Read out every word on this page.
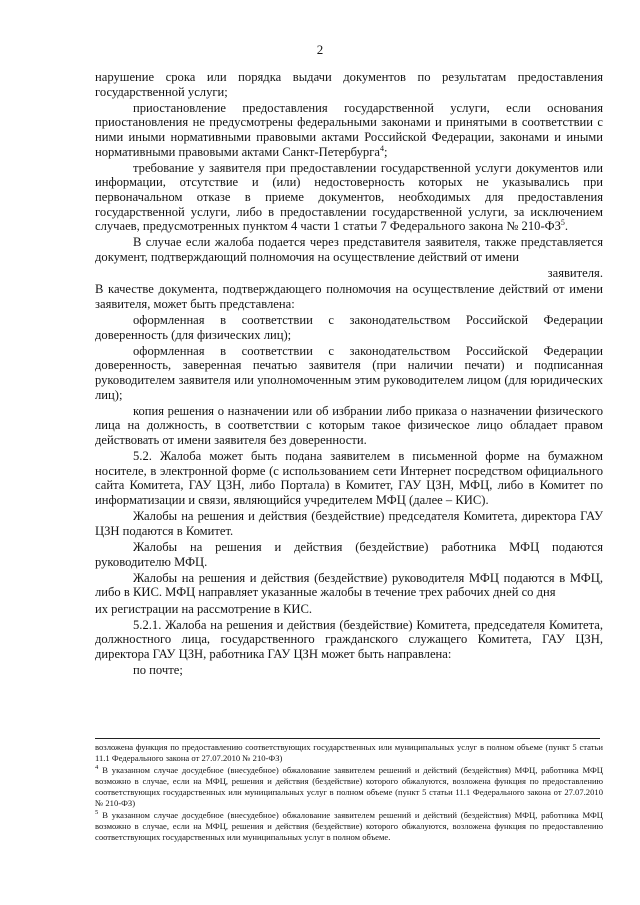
2

нарушение срока или порядка выдачи документов по результатам предоставления государственной услуги;

приостановление предоставления государственной услуги, если основания приостановления не предусмотрены федеральными законами и принятыми в соответствии с ними иными нормативными правовыми актами Российской Федерации, законами и иными нормативными правовыми актами Санкт-Петербурга$^4$;

требование у заявителя при предоставлении государственной услуги документов или информации, отсутствие и (или) недостоверность которых не указывались при первоначальном отказе в приеме документов, необходимых для предоставления государственной услуги, либо в предоставлении государственной услуги, за исключением случаев, предусмотренных пунктом 4 части 1 статьи 7 Федерального закона № $210-ФЗ^5$.

В случае если жалоба подается через представителя заявителя, также представляется документ, подтверждающий полномочия на осуществление действий от имени

заявителя.

В качестве документа, подтверждающего полномочия на осуществление действий от имени заявителя, может быть представлена:

оформленная в соответствии с законодательством Российской Федерации доверенность (для физических лиц);

оформленная в соответствии с законодательством Российской Федерации доверенность, заверенная печатью заявителя (при наличии печати) и подписанная руководителем заявителя или уполномоченным этим руководителем лицом (для юридических лиц);

копия решения о назначении или об избрании либо приказа о назначении физического лица на должность, в соответствии с которым такое физическое лицо обладает правом действовать от имени заявителя без доверенности.

5.2. Жалоба может быть подана заявителем в письменной форме на бумажном носителе, в электронной форме (с использованием сети Интернет посредством официального сайта Комитета, ГАУ ЦЗН, либо Портала) в Комитет, ГАУ ЦЗН, МФЦ, либо в Комитет по информатизации и связи, являющийся учредителем МФЦ (далее – КИС).

Жалобы на решения и действия (бездействие) председателя Комитета, директора ГАУ ЦЗН подаются в Комитет.

Жалобы на решения и действия (бездействие) работника МФЦ подаются руководителю МФЦ.

Жалобы на решения и действия (бездействие) руководителя МФЦ подаются в МФЦ, либо в КИС. МФЦ направляет указанные жалобы в течение трех рабочих дней со дня

их регистрации на рассмотрение в КИС.

5.2.1. Жалоба на решения и действия (бездействие) Комитета, председателя Комитета, должностного лица, государственного гражданского служащего Комитета, ГАУ ЦЗН, директора ГАУ ЦЗН, работника ГАУ ЦЗН может быть направлена:

по почте;

возложена функция по предоставлению соответствующих государственных или муниципальных услуг в полном объеме (пункт 5 статьи 11.1 Федерального закона от 27.07.2010 № 210-ФЗ)

$^4$ В указанном случае досудебное (внесудебное) обжалование заявителем решений и действий (бездействия) МФЦ, работника МФЦ возможно в случае, если на МФЦ, решения и действия (бездействие) которого обжалуются, возложена функция по предоставлению соответствующих государственных или муниципальных услуг в полном объеме (пункт 5 статьи 11.1 Федерального закона от 27.07.2010 № 210-ФЗ)

$^5$ В указанном случае досудебное (внесудебное) обжалование заявителем решений и действий (бездействия) МФЦ, работника МФЦ возможно в случае, если на МФЦ, решения и действия (бездействие) которого обжалуются, возложена функция по предоставлению соответствующих государственных или муниципальных услуг в полном объеме.
